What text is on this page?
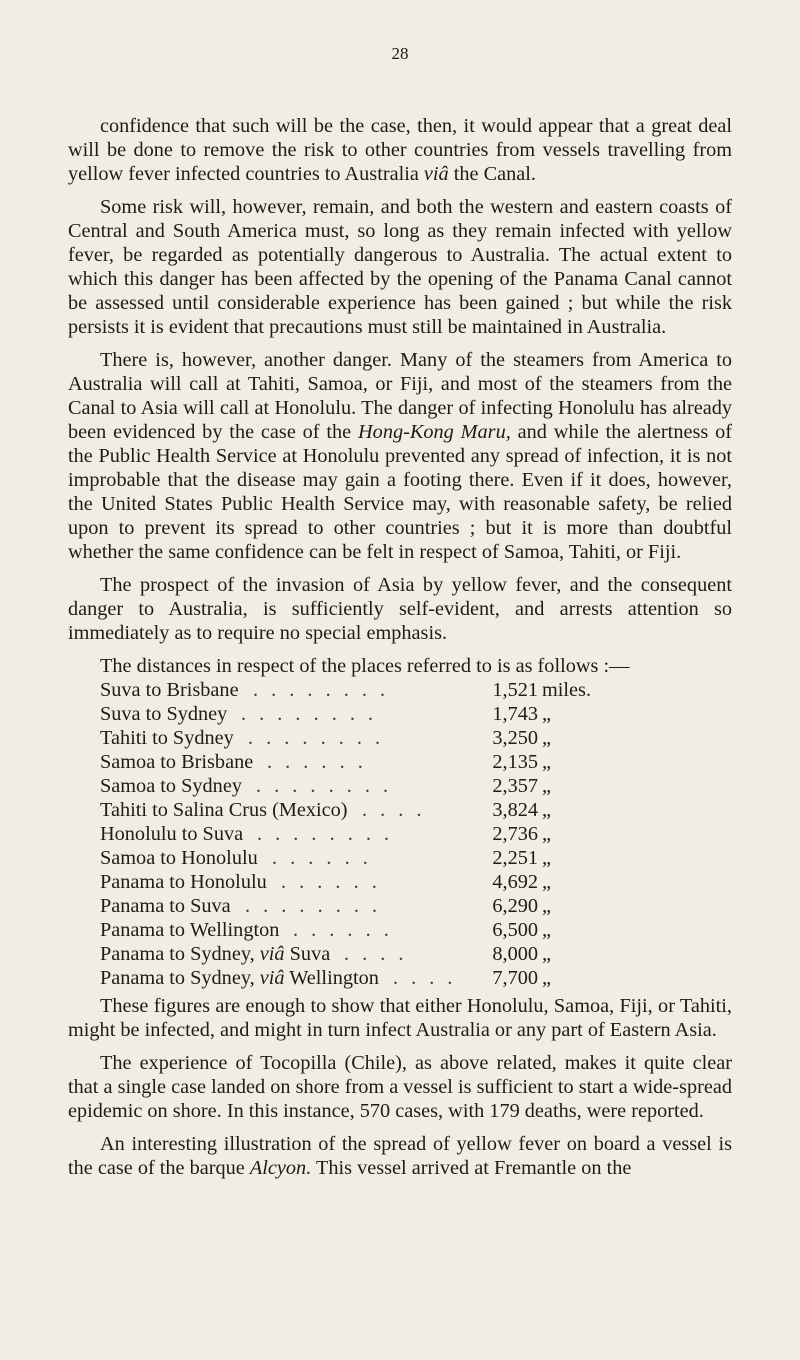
28

confidence that such will be the case, then, it would appear that a great deal will be done to remove the risk to other countries from vessels travelling from yellow fever infected countries to Australia viâ the Canal.

Some risk will, however, remain, and both the western and eastern coasts of Central and South America must, so long as they remain infected with yellow fever, be regarded as potentially dangerous to Australia. The actual extent to which this danger has been affected by the opening of the Panama Canal cannot be assessed until considerable experience has been gained ; but while the risk persists it is evident that precautions must still be maintained in Australia.

There is, however, another danger. Many of the steamers from America to Australia will call at Tahiti, Samoa, or Fiji, and most of the steamers from the Canal to Asia will call at Honolulu. The danger of infecting Honolulu has already been evidenced by the case of the Hong-Kong Maru, and while the alertness of the Public Health Service at Honolulu prevented any spread of infection, it is not improbable that the disease may gain a footing there. Even if it does, however, the United States Public Health Service may, with reasonable safety, be relied upon to prevent its spread to other countries ; but it is more than doubtful whether the same confidence can be felt in respect of Samoa, Tahiti, or Fiji.

The prospect of the invasion of Asia by yellow fever, and the consequent danger to Australia, is sufficiently self-evident, and arrests attention so immediately as to require no special emphasis.

The distances in respect of the places referred to is as follows :—

Suva to Brisbane . . . . . . . .	1,521 miles.
Suva to Sydney . . . . . . . .	1,743 „
Tahiti to Sydney . . . . . . . .	3,250 „
Samoa to Brisbane . . . . . .	2,135 „
Samoa to Sydney . . . . . . . .	2,357 „
Tahiti to Salina Crus (Mexico) . . . .	3,824 „
Honolulu to Suva . . . . . . . .	2,736 „
Samoa to Honolulu . . . . . .	2,251 „
Panama to Honolulu . . . . . .	4,692 „
Panama to Suva . . . . . . . .	6,290 „
Panama to Wellington . . . . . .	6,500 „
Panama to Sydney, viâ Suva . . . .	8,000 „
Panama to Sydney, viâ Wellington . . . .	7,700 „

These figures are enough to show that either Honolulu, Samoa, Fiji, or Tahiti, might be infected, and might in turn infect Australia or any part of Eastern Asia.

The experience of Tocopilla (Chile), as above related, makes it quite clear that a single case landed on shore from a vessel is sufficient to start a wide-spread epidemic on shore. In this instance, 570 cases, with 179 deaths, were reported.

An interesting illustration of the spread of yellow fever on board a vessel is the case of the barque Alcyon. This vessel arrived at Fremantle on the
